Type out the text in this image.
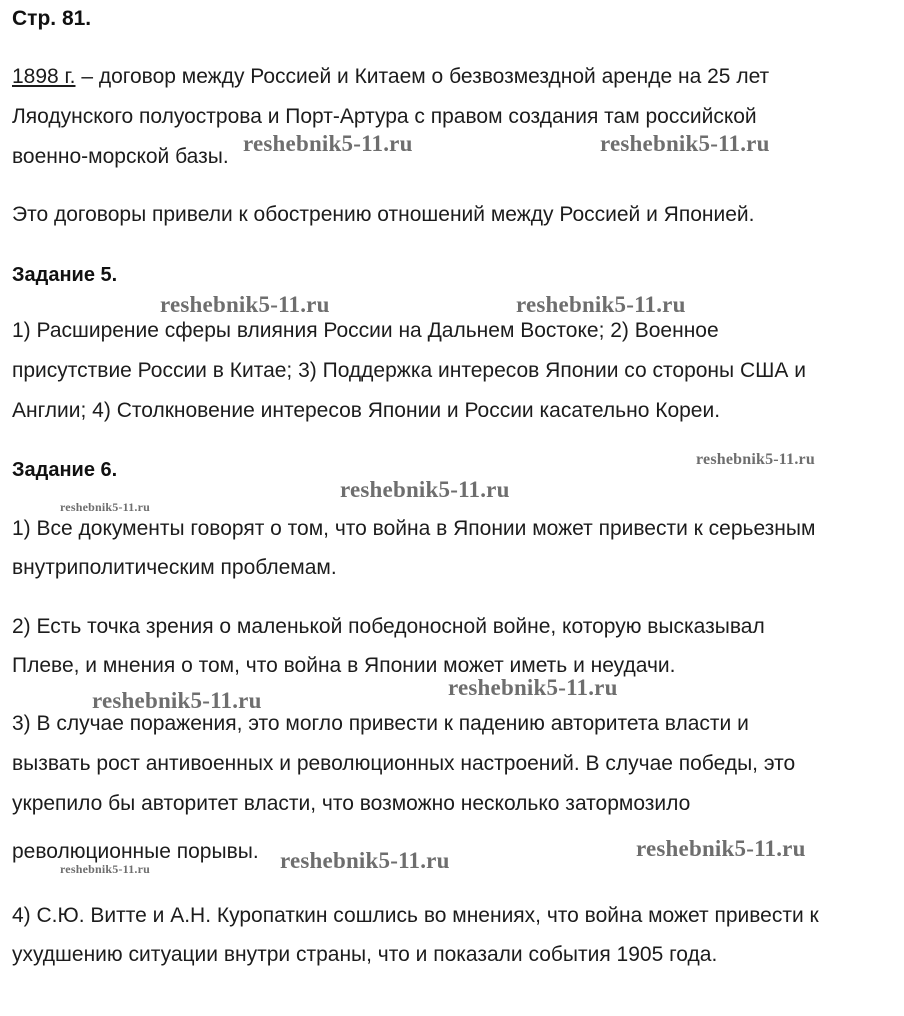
Стр. 81.
1898 г. – договор между Россией и Китаем о безвозмездной аренде на 25 лет
Ляодунского полуострова и Порт-Артура с правом создания там российской
военно-морской базы.
Это договоры привели к обострению отношений между Россией и Японией.
Задание 5.
1) Расширение сферы влияния России на Дальнем Востоке; 2) Военное
присутствие России в Китае; 3) Поддержка интересов Японии со стороны США и
Англии; 4) Столкновение интересов Японии и России касательно Кореи.
Задание 6.
1) Все документы говорят о том, что война в Японии может привести к серьезным
внутриполитическим проблемам.
2) Есть точка зрения о маленькой победоносной войне, которую высказывал
Плеве, и мнения о том, что война в Японии может иметь и неудачи.
3) В случае поражения, это могло привести к падению авторитета власти и
вызвать рост антивоенных и революционных настроений. В случае победы, это
укрепило бы авторитет власти, что возможно несколько затормозило
революционные порывы.
4) С.Ю. Витте и А.Н. Куропаткин сошлись во мнениях, что война может привести к
ухудшению ситуации внутри страны, что и показали события 1905 года.
reshebnik5-11.ru	reshebnik5-11.ru
reshebnik5-11.ru	reshebnik5-11.ru
reshebnik5-11.ru
reshebnik5-11.ru
reshebnik5-11.ru
reshebnik5-11.ru
reshebnik5-11.ru
reshebnik5-11.ru
reshebnik5-11.ru
reshebnik5-11.ru
